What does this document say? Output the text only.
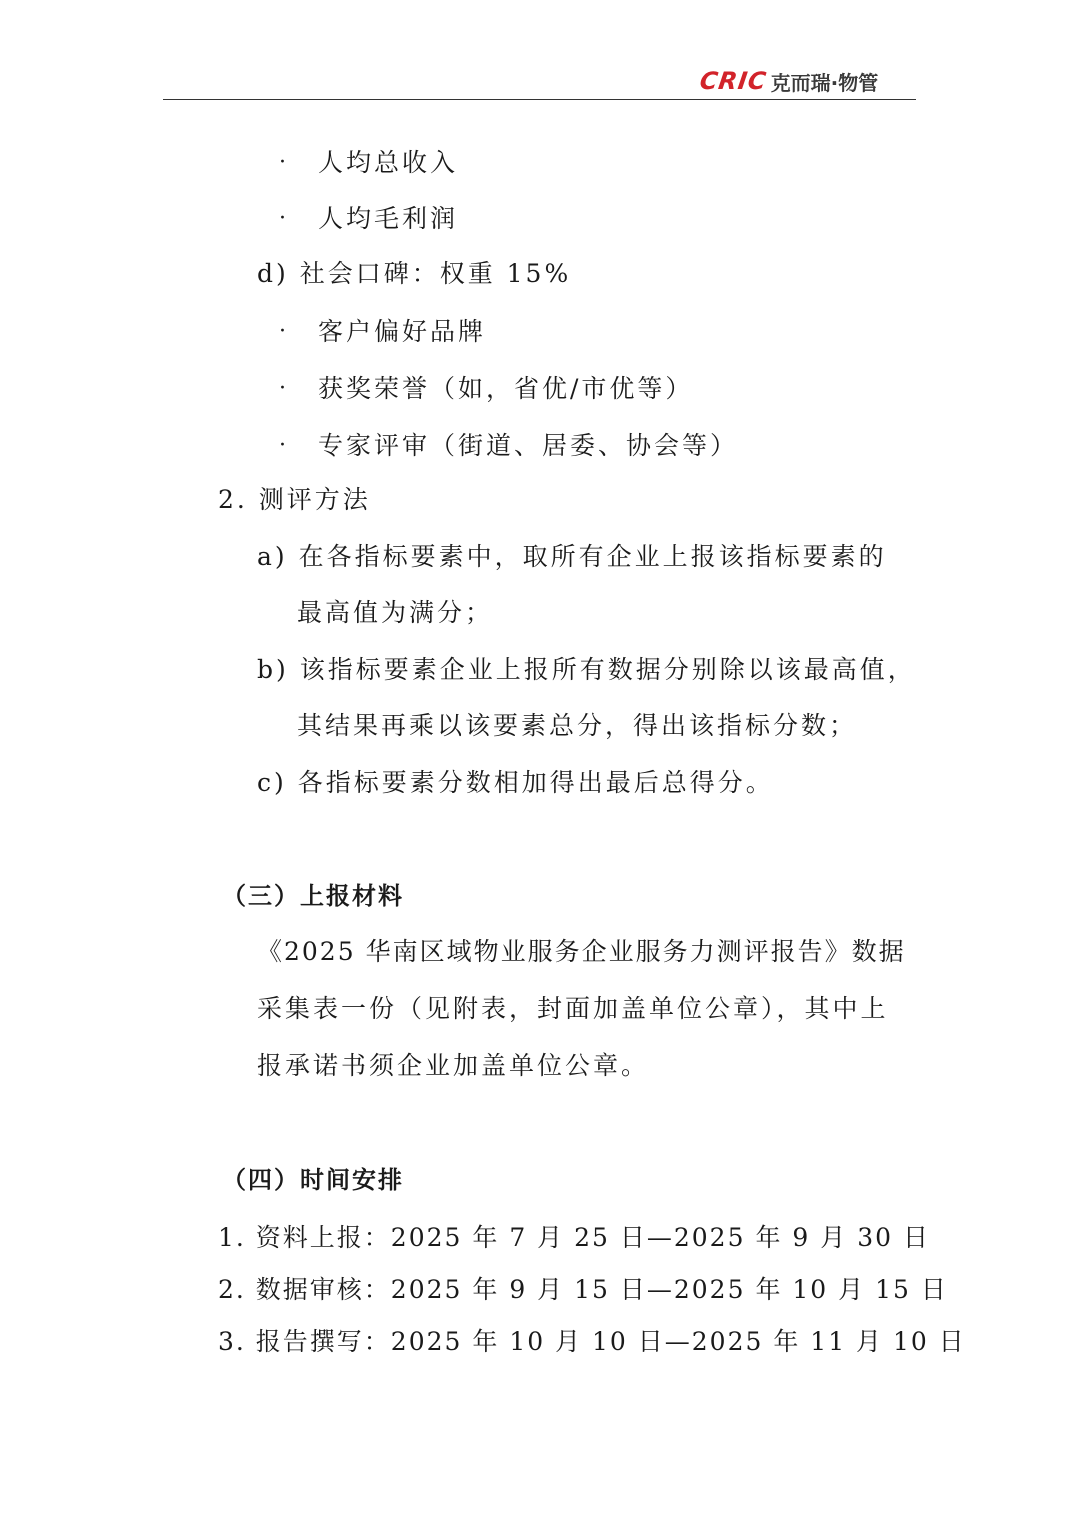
CRIC 克而瑞·物管
· 人均总收入
· 人均毛利润
d) 社会口碑：权重 15%
· 客户偏好品牌
· 获奖荣誉（如，省优/市优等）
· 专家评审（街道、居委、协会等）
2. 测评方法
a) 在各指标要素中，取所有企业上报该指标要素的
最高值为满分；
b) 该指标要素企业上报所有数据分别除以该最高值，
其结果再乘以该要素总分，得出该指标分数；
c) 各指标要素分数相加得出最后总得分。
（三）上报材料
《2025 华南区域物业服务企业服务力测评报告》数据
采集表一份（见附表，封面加盖单位公章），其中上
报承诺书须企业加盖单位公章。
（四）时间安排
1. 资料上报：2025 年 7 月 25 日—2025 年 9 月 30 日
2. 数据审核：2025 年 9 月 15 日—2025 年 10 月 15 日
3. 报告撰写：2025 年 10 月 10 日—2025 年 11 月 10 日
